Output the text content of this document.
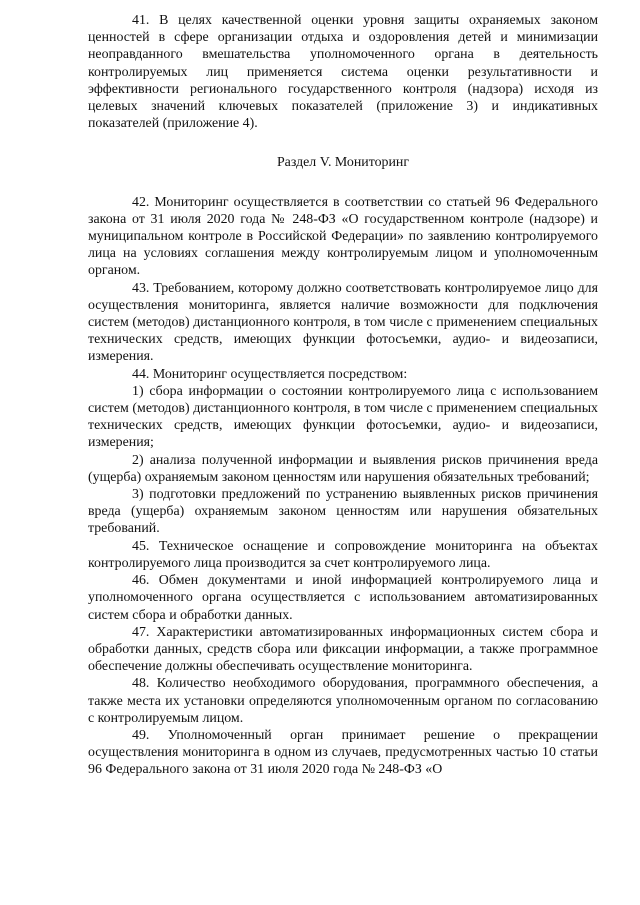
41. В целях качественной оценки уровня защиты охраняемых законом ценностей в сфере организации отдыха и оздоровления детей и минимизации неоправданного вмешательства уполномоченного органа в деятельность контролируемых лиц применяется система оценки результативности и эффективности регионального государственного контроля (надзора) исходя из целевых значений ключевых показателей (приложение 3) и индикативных показателей (приложение 4).

Раздел V. Мониторинг

42. Мониторинг осуществляется в соответствии со статьей 96 Федерального закона от 31 июля 2020 года № 248-ФЗ «О государственном контроле (надзоре) и муниципальном контроле в Российской Федерации» по заявлению контролируемого лица на условиях соглашения между контролируемым лицом и уполномоченным органом.

43. Требованием, которому должно соответствовать контролируемое лицо для осуществления мониторинга, является наличие возможности для подключения систем (методов) дистанционного контроля, в том числе с применением специальных технических средств, имеющих функции фотосъемки, аудио- и видеозаписи, измерения.

44. Мониторинг осуществляется посредством:

1) сбора информации о состоянии контролируемого лица с использованием систем (методов) дистанционного контроля, в том числе с применением специальных технических средств, имеющих функции фотосъемки, аудио- и видеозаписи, измерения;

2) анализа полученной информации и выявления рисков причинения вреда (ущерба) охраняемым законом ценностям или нарушения обязательных требований;

3) подготовки предложений по устранению выявленных рисков причинения вреда (ущерба) охраняемым законом ценностям или нарушения обязательных требований.

45. Техническое оснащение и сопровождение мониторинга на объектах контролируемого лица производится за счет контролируемого лица.

46. Обмен документами и иной информацией контролируемого лица и уполномоченного органа осуществляется с использованием автоматизированных систем сбора и обработки данных.

47. Характеристики автоматизированных информационных систем сбора и обработки данных, средств сбора или фиксации информации, а также программное обеспечение должны обеспечивать осуществление мониторинга.

48. Количество необходимого оборудования, программного обеспечения, а также места их установки определяются уполномоченным органом по согласованию с контролируемым лицом.

49. Уполномоченный орган принимает решение о прекращении осуществления мониторинга в одном из случаев, предусмотренных частью 10 статьи 96 Федерального закона от 31 июля 2020 года № 248-ФЗ «О
